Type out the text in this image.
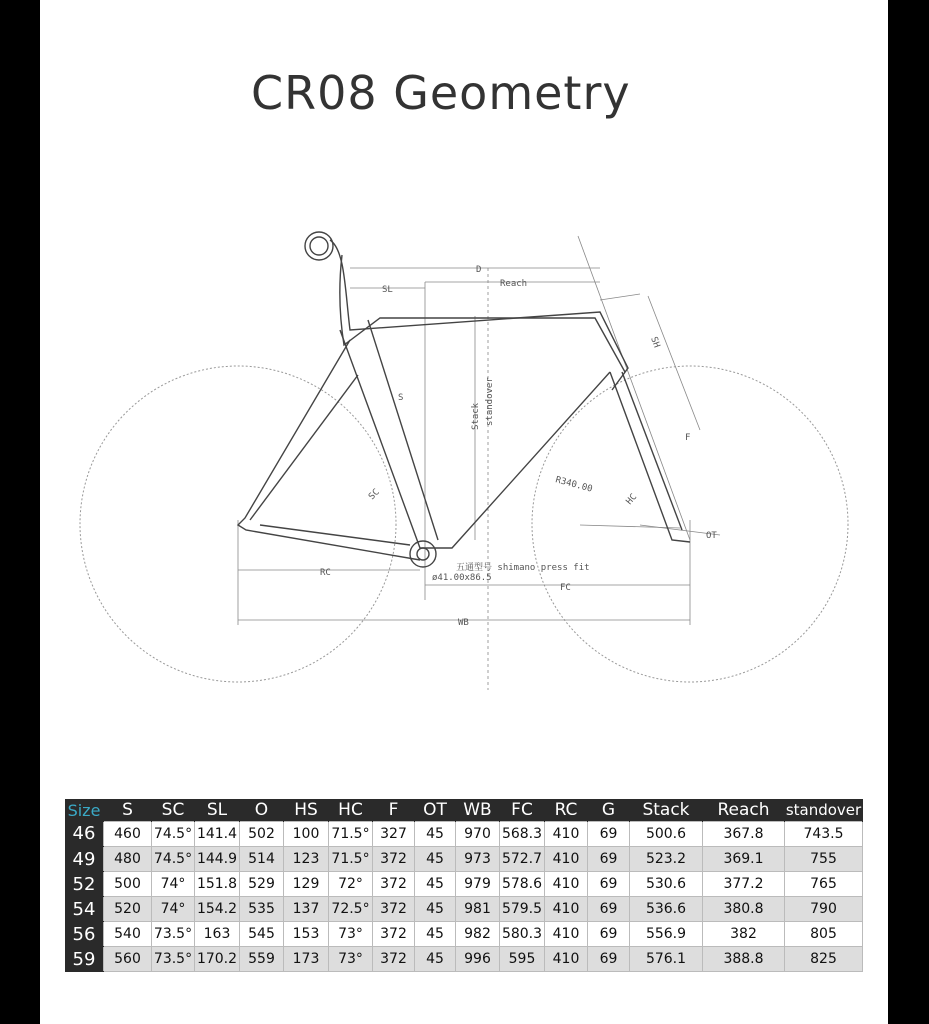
CR08 Geometry
D
Reach
SL
SH
S
Stack standover
R340.00
HC
SC
F
OT
RC
FC
WB
五通型号 shimano press fit
ø41.00x86.5
Size	S	SC	SL	O	HS	HC	F	OT	WB	FC	RC	G	Stack	Reach	standover
46	460	74.5°	141.4	502	100	71.5°	327	45	970	568.3	410	69	500.6	367.8	743.5
49	480	74.5°	144.9	514	123	71.5°	372	45	973	572.7	410	69	523.2	369.1	755
52	500	74°	151.8	529	129	72°	372	45	979	578.6	410	69	530.6	377.2	765
54	520	74°	154.2	535	137	72.5°	372	45	981	579.5	410	69	536.6	380.8	790
56	540	73.5°	163	545	153	73°	372	45	982	580.3	410	69	556.9	382	805
59	560	73.5°	170.2	559	173	73°	372	45	996	595	410	69	576.1	388.8	825
